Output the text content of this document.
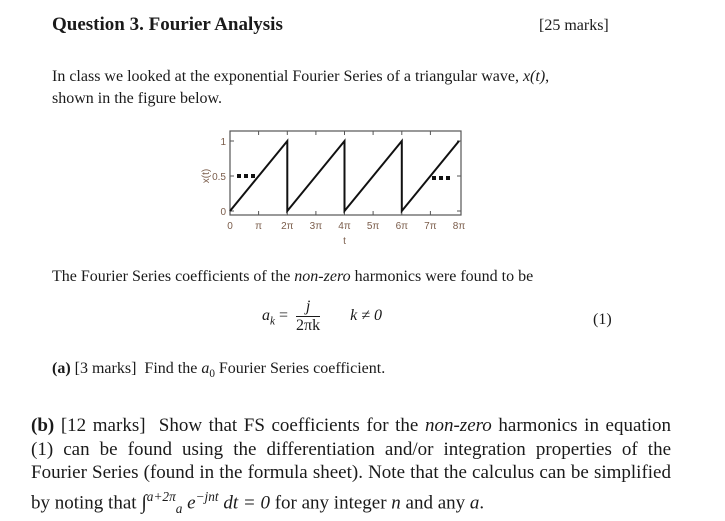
Question 3. Fourier Analysis	[25 marks]
In class we looked at the exponential Fourier Series of a triangular wave, x(t),
shown in the figure below.
1
0.5
0
x(t)
0 π 2π 3π 4π 5π 6π 7π 8π
t
The Fourier Series coefficients of the non-zero harmonics were found to be
$a_k = \frac{j}{2\pi k}$ k ≠ 0	(1)
(a) [3 marks] Find the $a_0$ Fourier Series coefficient.
(b) [12 marks] Show that FS coefficients for the non-zero harmonics in equation (1) can be found using the differentiation and/or integration properties of the Fourier Series (found in the formula sheet). Note that the calculus can be simplified by noting that ∫$^{a+2\pi}_a$ $e^{-jnt}$ dt = 0 for any integer n and any a.
